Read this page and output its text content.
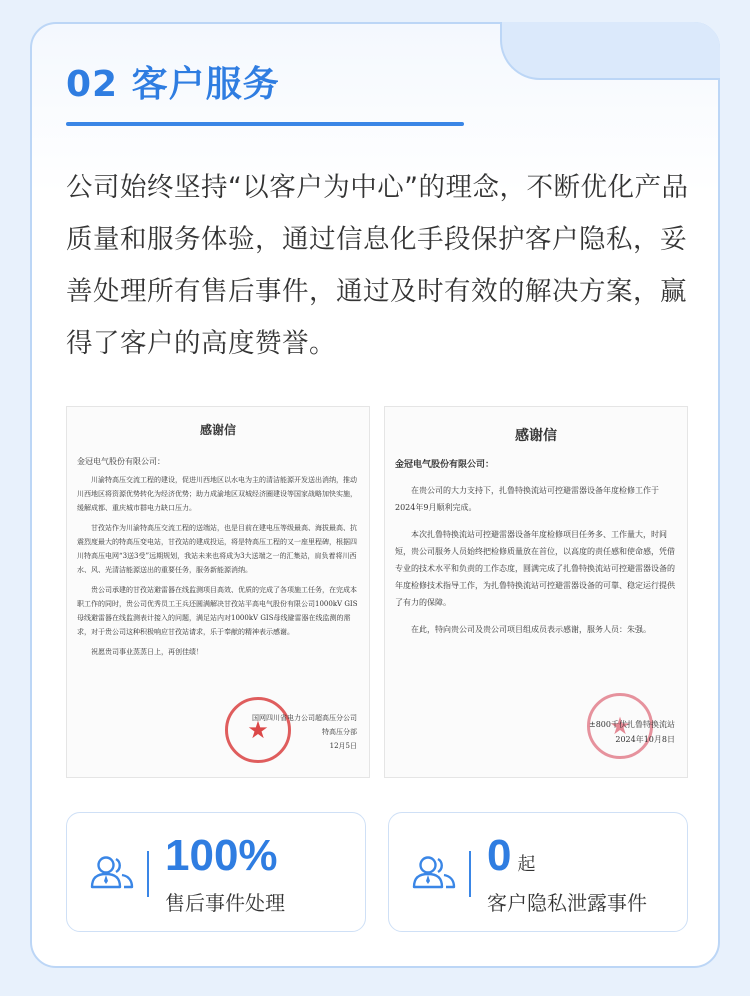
02 客户服务

公司始终坚持“以客户为中心”的理念，不断优化产品质量和服务体验，通过信息化手段保护客户隐私，妥善处理所有售后事件，通过及时有效的解决方案，赢得了客户的高度赞誉。

感谢信
金冠电气股份有限公司：

川渝特高压交流工程的建设，促进川西地区以水电为主的清洁能源开发送出消纳，推动川西地区将资源优势转化为经济优势；助力成渝地区双城经济圈建设等国家战略加快实施，缓解成都、重庆城市群电力缺口压力。

甘孜站作为川渝特高压交流工程的送端站，也是目前在建电压等级最高、海拔最高、抗震烈度最大的特高压变电站，甘孜站的建成投运，将是特高压工程的又一座里程碑，根据四川特高压电网“3送3受”远期规划，我站未来也将成为3大送端之一的汇集站，肩负着将川西水、风、光清洁能源送出的重要任务，服务新能源消纳。

贵公司承建的甘孜站避雷器在线监测项目高效、优质的完成了各项施工任务，在完成本职工作的同时，贵公司优秀员工王兵还圆满解决甘孜站平高电气股份有限公司1000kV GIS母线避雷器在线监测表计接入的问题，满足站内对1000kV GIS母线避雷器在线监测的需求，对于贵公司这种积极响应甘孜站请求，乐于奉献的精神表示感谢。

祝愿贵司事业蒸蒸日上，再创佳绩！

★
国网四川省电力公司超高压分公司
特高压分部
12月5日
感谢信
金冠电气股份有限公司：

在贵公司的大力支持下，扎鲁特换流站可控避雷器设备年度检修工作于2024年9月顺利完成。

本次扎鲁特换流站可控避雷器设备年度检修项目任务多、工作量大，时间短，贵公司服务人员始终把检修质量放在首位，以高度的责任感和使命感，凭借专业的技术水平和负责的工作态度，圆满完成了扎鲁特换流站可控避雷器设备的年度检修技术指导工作，为扎鲁特换流站可控避雷器设备的可靠、稳定运行提供了有力的保障。

在此，特向贵公司及贵公司项目组成员表示感谢，服务人员：朱强。

★
±800千伏扎鲁特换流站
2024年10月8日
100%
售后事件处理
0 起
客户隐私泄露事件
